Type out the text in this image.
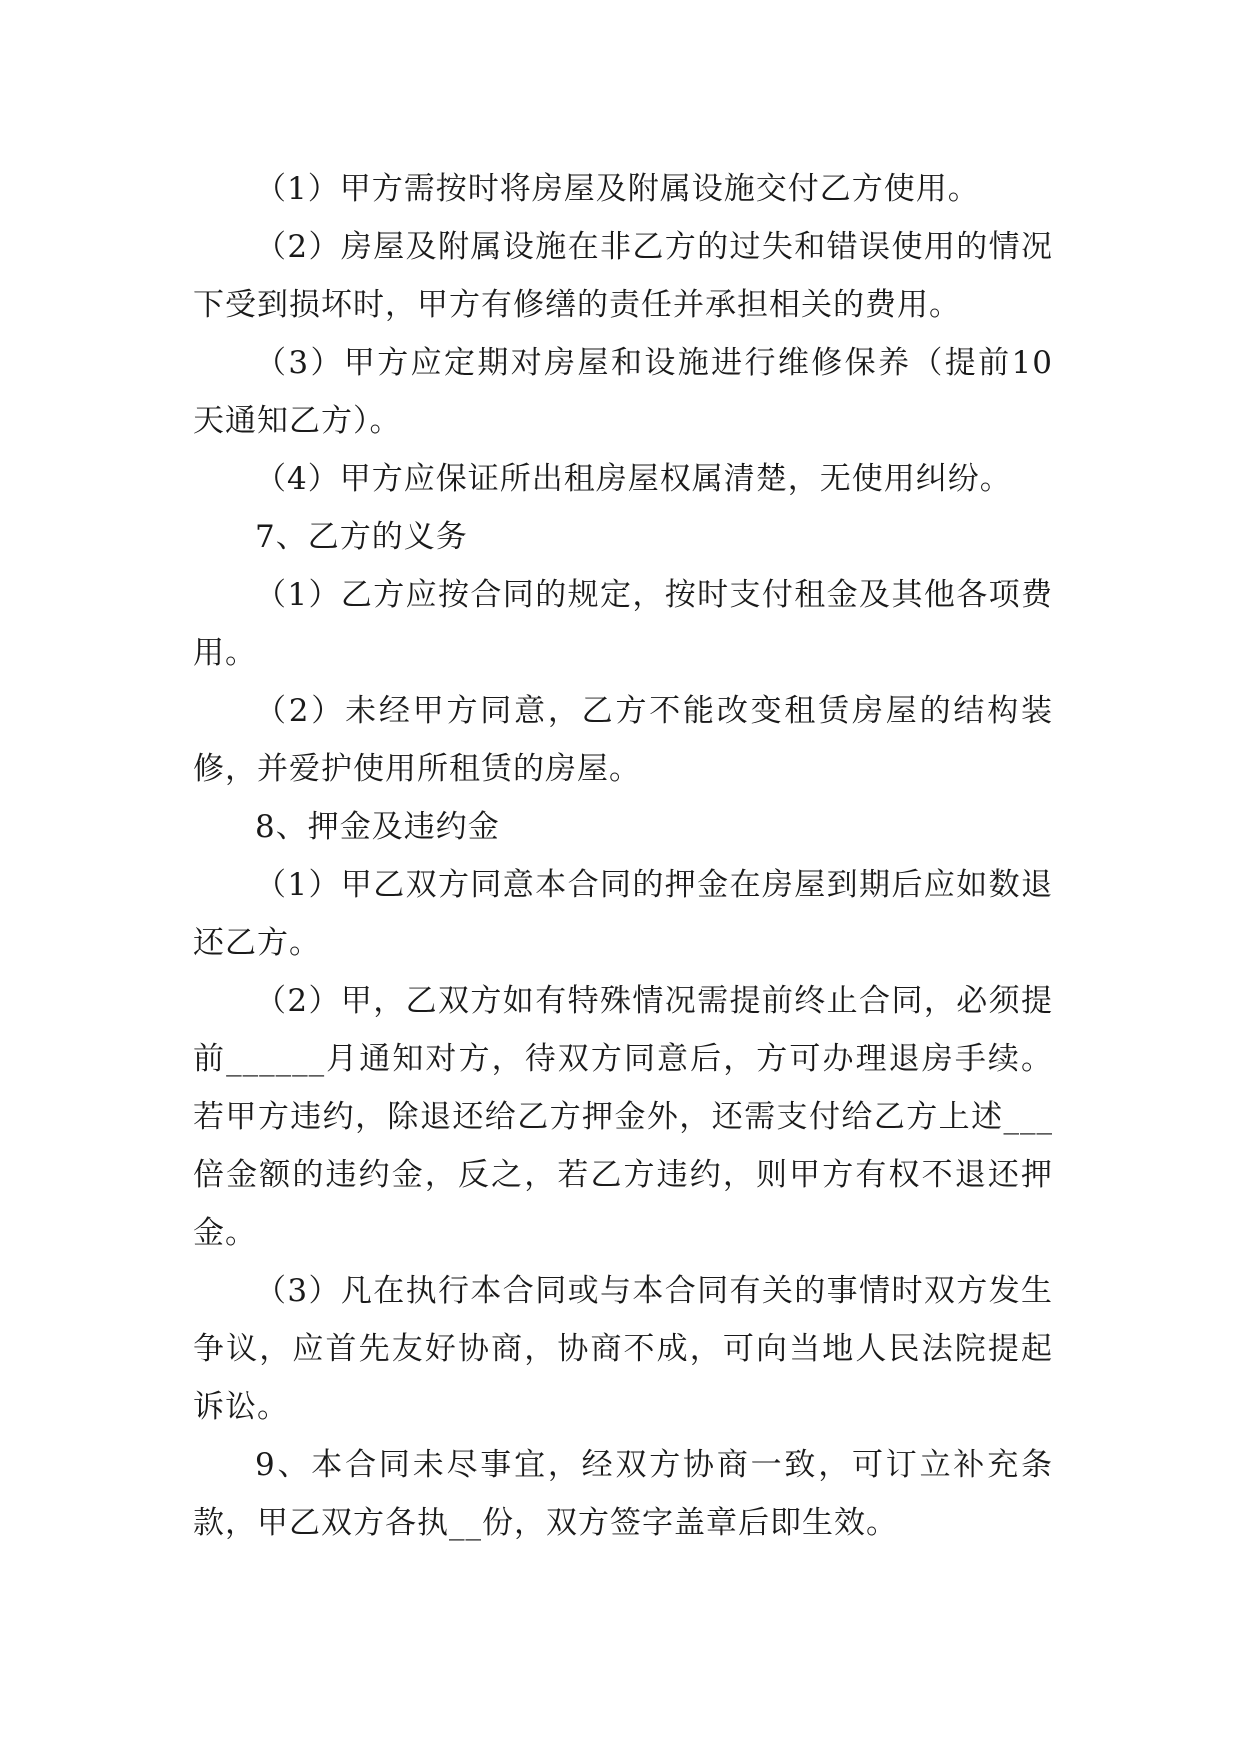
（1）甲方需按时将房屋及附属设施交付乙方使用。

（2）房屋及附属设施在非乙方的过失和错误使用的情况下受到损坏时，甲方有修缮的责任并承担相关的费用。

（3）甲方应定期对房屋和设施进行维修保养（提前10天通知乙方）。

（4）甲方应保证所出租房屋权属清楚，无使用纠纷。

7、乙方的义务

（1）乙方应按合同的规定，按时支付租金及其他各项费用。

（2）未经甲方同意，乙方不能改变租赁房屋的结构装修，并爱护使用所租赁的房屋。

8、押金及违约金

（1）甲乙双方同意本合同的押金在房屋到期后应如数退还乙方。

（2）甲，乙双方如有特殊情况需提前终止合同，必须提前______月通知对方，待双方同意后，方可办理退房手续。若甲方违约，除退还给乙方押金外，还需支付给乙方上述___倍金额的违约金，反之，若乙方违约，则甲方有权不退还押金。

（3）凡在执行本合同或与本合同有关的事情时双方发生争议，应首先友好协商，协商不成，可向当地人民法院提起诉讼。

9、本合同未尽事宜，经双方协商一致，可订立补充条款，甲乙双方各执__份，双方签字盖章后即生效。
